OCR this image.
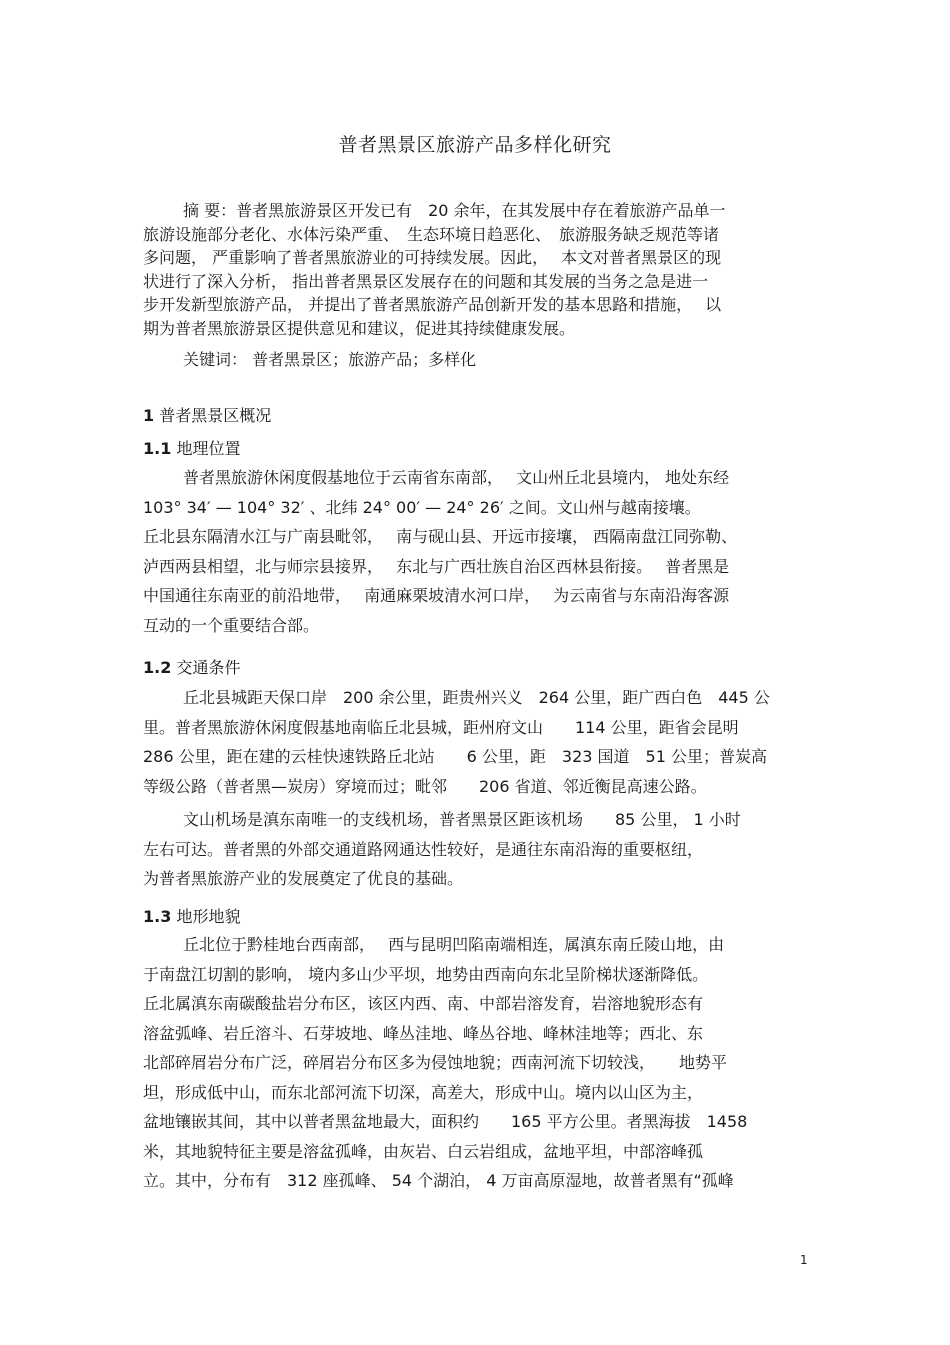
普者黑景区旅游产品多样化研究
摘 要：普者黑旅游景区开发已有　20 余年，在其发展中存在着旅游产品单一
旅游设施部分老化、水体污染严重、　生态环境日趋恶化、　旅游服务缺乏规范等诸
多问题， 严重影响了普者黑旅游业的可持续发展。因此，　 本文对普者黑景区的现
状进行了深入分析， 指出普者黑景区发展存在的问题和其发展的当务之急是进一
步开发新型旅游产品， 并提出了普者黑旅游产品创新开发的基本思路和措施，　 以
期为普者黑旅游景区提供意见和建议，促进其持续健康发展。
关键词： 普者黑景区；旅游产品；多样化
1 普者黑景区概况
1.1 地理位置
普者黑旅游休闲度假基地位于云南省东南部，　 文山州丘北县境内， 地处东经
103° 34′ — 104° 32′ 、北纬 24° 00′ — 24° 26′ 之间。文山州与越南接壤。
丘北县东隔清水江与广南县毗邻，　 南与砚山县、开远市接壤， 西隔南盘江同弥勒、
泸西两县相望，北与师宗县接界，　 东北与广西壮族自治区西林县衔接。　 普者黑是
中国通往东南亚的前沿地带，　 南通麻栗坡清水河口岸，　 为云南省与东南沿海客源
互动的一个重要结合部。
1.2 交通条件
丘北县城距天保口岸　200 余公里，距贵州兴义　264 公里，距广西白色　445 公
里。普者黑旅游休闲度假基地南临丘北县城，距州府文山　　114 公里，距省会昆明
286 公里，距在建的云桂快速铁路丘北站　　6 公里，距　323 国道　51 公里；普炭高
等级公路（普者黑—炭房）穿境而过；毗邻　　206 省道、邻近衡昆高速公路。
文山机场是滇东南唯一的支线机场，普者黑景区距该机场　　85 公里， 1 小时
左右可达。普者黑的外部交通道路网通达性较好，是通往东南沿海的重要枢纽，
为普者黑旅游产业的发展奠定了优良的基础。
1.3 地形地貌
丘北位于黔桂地台西南部，　 西与昆明凹陷南端相连，属滇东南丘陵山地，由
于南盘江切割的影响， 境内多山少平坝，地势由西南向东北呈阶梯状逐渐降低。
丘北属滇东南碳酸盐岩分布区，该区内西、南、中部岩溶发育，岩溶地貌形态有
溶盆弧峰、岩丘溶斗、石芽坡地、峰丛洼地、峰丛谷地、峰林洼地等；西北、东
北部碎屑岩分布广泛，碎屑岩分布区多为侵蚀地貌；西南河流下切较浅，　　地势平
坦，形成低中山，而东北部河流下切深，高差大，形成中山。境内以山区为主，
盆地镶嵌其间，其中以普者黑盆地最大，面积约　　165 平方公里。者黑海拔　1458
米，其地貌特征主要是溶盆孤峰，由灰岩、白云岩组成，盆地平坦，中部溶峰孤
立。其中，分布有　312 座孤峰、 54 个湖泊， 4 万亩高原湿地，故普者黑有“孤峰
1
